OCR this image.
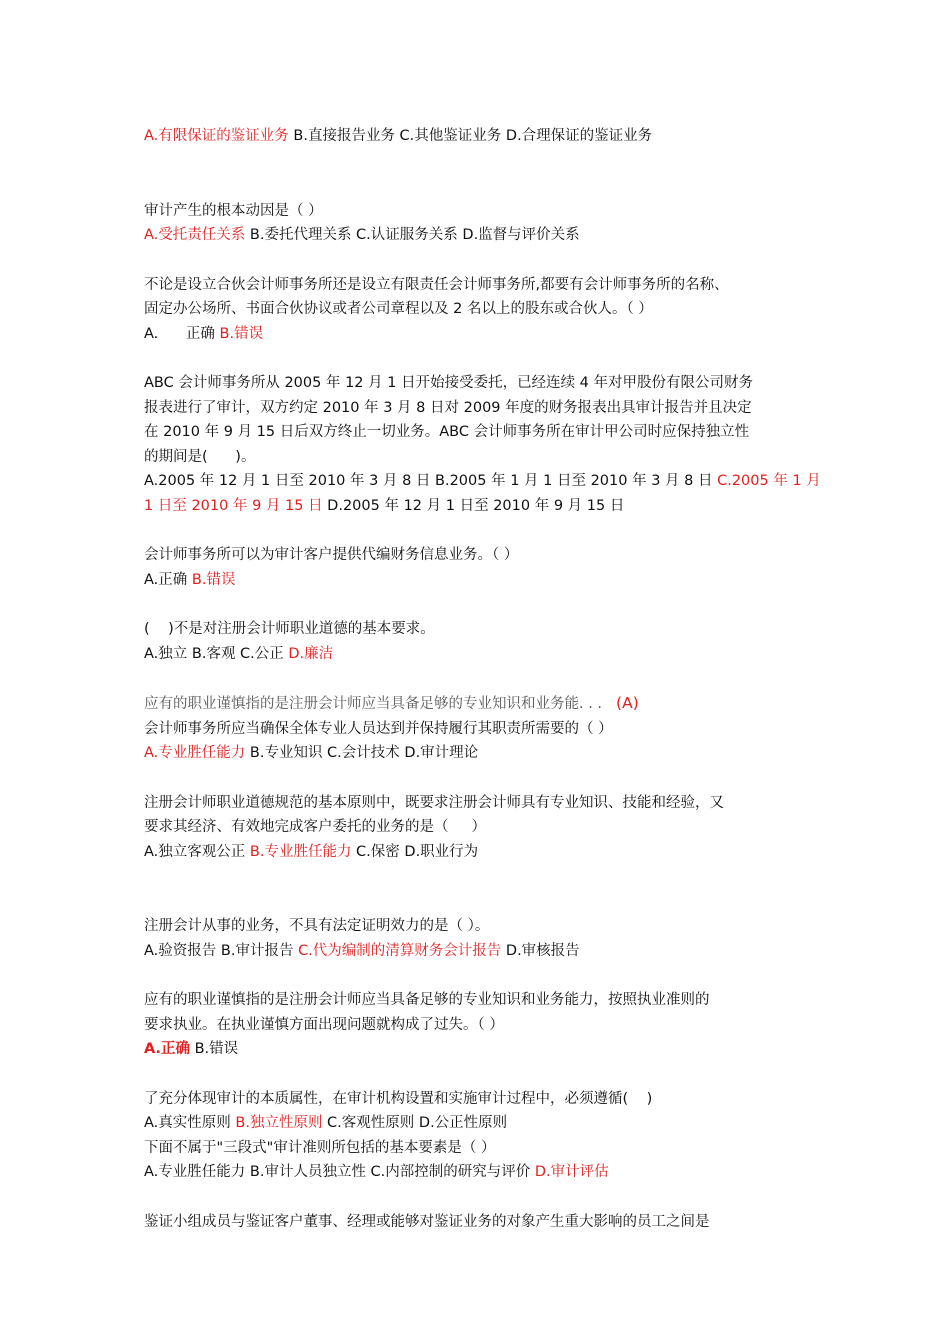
A.有限保证的鉴证业务 B.直接报告业务 C.其他鉴证业务 D.合理保证的鉴证业务
审计产生的根本动因是（ ）
A.受托责任关系 B.委托代理关系 C.认证服务关系 D.监督与评价关系
不论是设立合伙会计师事务所还是设立有限责任会计师事务所,都要有会计师事务所的名称、
固定办公场所、书面合伙协议或者公司章程以及 2 名以上的股东或合伙人。（ ）
A.      正确 B.错误
ABC 会计师事务所从 2005 年 12 月 1 日开始接受委托，已经连续 4 年对甲股份有限公司财务
报表进行了审计，双方约定 2010 年 3 月 8 日对 2009 年度的财务报表出具审计报告并且决定
在 2010 年 9 月 15 日后双方终止一切业务。ABC 会计师事务所在审计甲公司时应保持独立性
的期间是(      )。
A.2005 年 12 月 1 日至 2010 年 3 月 8 日 B.2005 年 1 月 1 日至 2010 年 3 月 8 日 C.2005 年 1 月
1 日至 2010 年 9 月 15 日 D.2005 年 12 月 1 日至 2010 年 9 月 15 日
会计师事务所可以为审计客户提供代编财务信息业务。（ ）
A.正确 B.错误
(    )不是对注册会计师职业道德的基本要求。
A.独立 B.客观 C.公正 D.廉洁
应有的职业谨慎指的是注册会计师应当具备足够的专业知识和业务能. . . (A)
会计师事务所应当确保全体专业人员达到并保持履行其职责所需要的（ ）
A.专业胜任能力 B.专业知识 C.会计技术 D.审计理论
注册会计师职业道德规范的基本原则中，既要求注册会计师具有专业知识、技能和经验，又
要求其经济、有效地完成客户委托的业务的是（     ）
A.独立客观公正 B.专业胜任能力 C.保密 D.职业行为
注册会计从事的业务，不具有法定证明效力的是（ ）。
A.验资报告 B.审计报告 C.代为编制的清算财务会计报告 D.审核报告
应有的职业谨慎指的是注册会计师应当具备足够的专业知识和业务能力，按照执业准则的
要求执业。在执业谨慎方面出现问题就构成了过失。（ ）
A.正确 B.错误
了充分体现审计的本质属性，在审计机构设置和实施审计过程中，必须遵循(    )
A.真实性原则 B.独立性原则 C.客观性原则 D.公正性原则
下面不属于"三段式"审计准则所包括的基本要素是（ ）
A.专业胜任能力 B.审计人员独立性 C.内部控制的研究与评价 D.审计评估
鉴证小组成员与鉴证客户董事、经理或能够对鉴证业务的对象产生重大影响的员工之间是
